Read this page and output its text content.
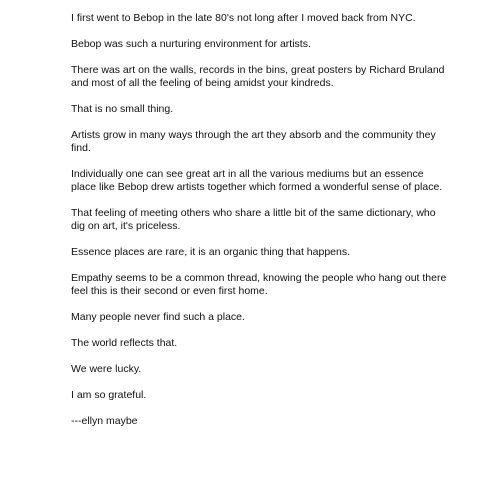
I first went to Bebop in the late 80's not long after I moved back from NYC.

Bebop was such a nurturing environment for artists.

There was art on the walls, records in the bins, great posters by Richard Bruland and most of all the feeling of being amidst your kindreds.

That is no small thing.

Artists grow in many ways through the art they absorb and the community they find.

Individually one can see great art in all the various mediums but an essence place like Bebop drew artists together which formed a wonderful sense of place.

That feeling of meeting others who share a little bit of the same dictionary, who dig on art, it's priceless.

Essence places are rare, it is an organic thing that happens.

Empathy seems to be a common thread, knowing the people who hang out there feel this is their second or even first home.

Many people never find such a place.

The world reflects that.

We were lucky.

I am so grateful.

---ellyn maybe
